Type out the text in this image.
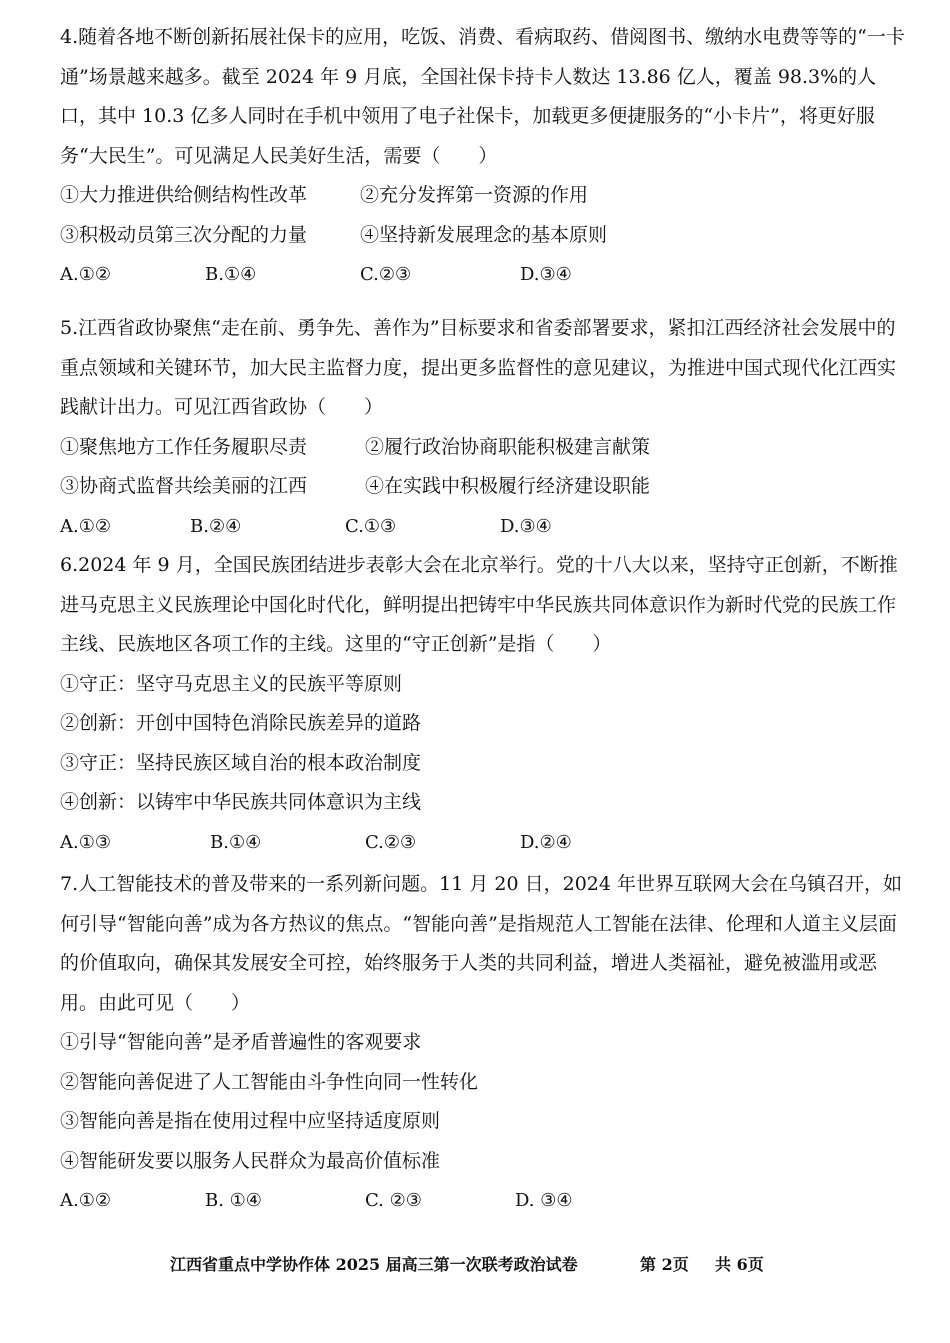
4.随着各地不断创新拓展社保卡的应用，吃饭、消费、看病取药、借阅图书、缴纳水电费等等的“一卡通”场景越来越多。截至 2024 年 9 月底，全国社保卡持卡人数达 13.86 亿人，覆盖 98.3%的人口，其中 10.3 亿多人同时在手机中领用了电子社保卡，加载更多便捷服务的“小卡片”，将更好服务“大民生”。可见满足人民美好生活，需要（　　）

①大力推进供给侧结构性改革	②充分发挥第一资源的作用
③积极动员第三次分配的力量	④坚持新发展理念的基本原则
A.①②	B.①④	C.②③	D.③④

5.江西省政协聚焦“走在前、勇争先、善作为”目标要求和省委部署要求，紧扣江西经济社会发展中的重点领域和关键环节，加大民主监督力度，提出更多监督性的意见建议，为推进中国式现代化江西实践献计出力。可见江西省政协（　　）

①聚焦地方工作任务履职尽责	②履行政治协商职能积极建言献策
③协商式监督共绘美丽的江西	④在实践中积极履行经济建设职能
A.①②	B.②④	C.①③	D.③④

6.2024 年 9 月，全国民族团结进步表彰大会在北京举行。党的十八大以来，坚持守正创新，不断推进马克思主义民族理论中国化时代化，鲜明提出把铸牢中华民族共同体意识作为新时代党的民族工作主线、民族地区各项工作的主线。这里的“守正创新”是指（　　）

①守正：坚守马克思主义的民族平等原则

②创新：开创中国特色消除民族差异的道路

③守正：坚持民族区域自治的根本政治制度

④创新：以铸牢中华民族共同体意识为主线

A.①③	B.①④	C.②③	D.②④

7.人工智能技术的普及带来的一系列新问题。11 月 20 日，2024 年世界互联网大会在乌镇召开，如何引导“智能向善”成为各方热议的焦点。“智能向善”是指规范人工智能在法律、伦理和人道主义层面的价值取向，确保其发展安全可控，始终服务于人类的共同利益，增进人类福祉，避免被滥用或恶用。由此可见（　　）

①引导“智能向善”是矛盾普遍性的客观要求

②智能向善促进了人工智能由斗争性向同一性转化

③智能向善是指在使用过程中应坚持适度原则

④智能研发要以服务人民群众为最高价值标准

A.①②	B. ①④	C. ②③	D. ③④
江西省重点中学协作体 2025 届高三第一次联考政治试卷	第 2页 共 6页
